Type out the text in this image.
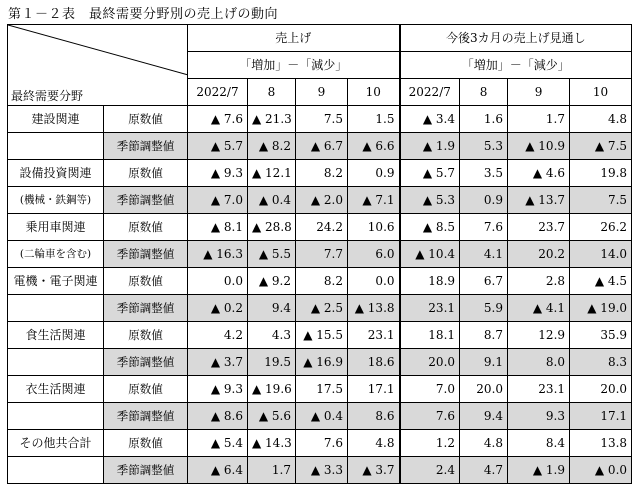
第１－２表　最終需要分野別の売上げの動向
最終需要分野		売上げ				今後3カ月の売上げ見通し			
		「増加」－「減少」				「増加」－「減少」			
		2022/7	8	9	10	2022/7	8	9	10
建設関連	原数値	▲ 7.6	▲ 21.3	7.5	1.5	▲ 3.4	1.6	1.7	4.8
	季節調整値	▲ 5.7	▲ 8.2	▲ 6.7	▲ 6.6	▲ 1.9	5.3	▲ 10.9	▲ 7.5
設備投資関連	原数値	▲ 9.3	▲ 12.1	8.2	0.9	▲ 5.7	3.5	▲ 4.6	19.8
(機械・鉄鋼等)	季節調整値	▲ 7.0	▲ 0.4	▲ 2.0	▲ 7.1	▲ 5.3	0.9	▲ 13.7	7.5
乗用車関連	原数値	▲ 8.1	▲ 28.8	24.2	10.6	▲ 8.5	7.6	23.7	26.2
(二輪車を含む)	季節調整値	▲ 16.3	▲ 5.5	7.7	6.0	▲ 10.4	4.1	20.2	14.0
電機・電子関連	原数値	0.0	▲ 9.2	8.2	0.0	18.9	6.7	2.8	▲ 4.5
	季節調整値	▲ 0.2	9.4	▲ 2.5	▲ 13.8	23.1	5.9	▲ 4.1	▲ 19.0
食生活関連	原数値	4.2	4.3	▲ 15.5	23.1	18.1	8.7	12.9	35.9
	季節調整値	▲ 3.7	19.5	▲ 16.9	18.6	20.0	9.1	8.0	8.3
衣生活関連	原数値	▲ 9.3	▲ 19.6	17.5	17.1	7.0	20.0	23.1	20.0
	季節調整値	▲ 8.6	▲ 5.6	▲ 0.4	8.6	7.6	9.4	9.3	17.1
その他共合計	原数値	▲ 5.4	▲ 14.3	7.6	4.8	1.2	4.8	8.4	13.8
	季節調整値	▲ 6.4	1.7	▲ 3.3	▲ 3.7	2.4	4.7	▲ 1.9	▲ 0.0
